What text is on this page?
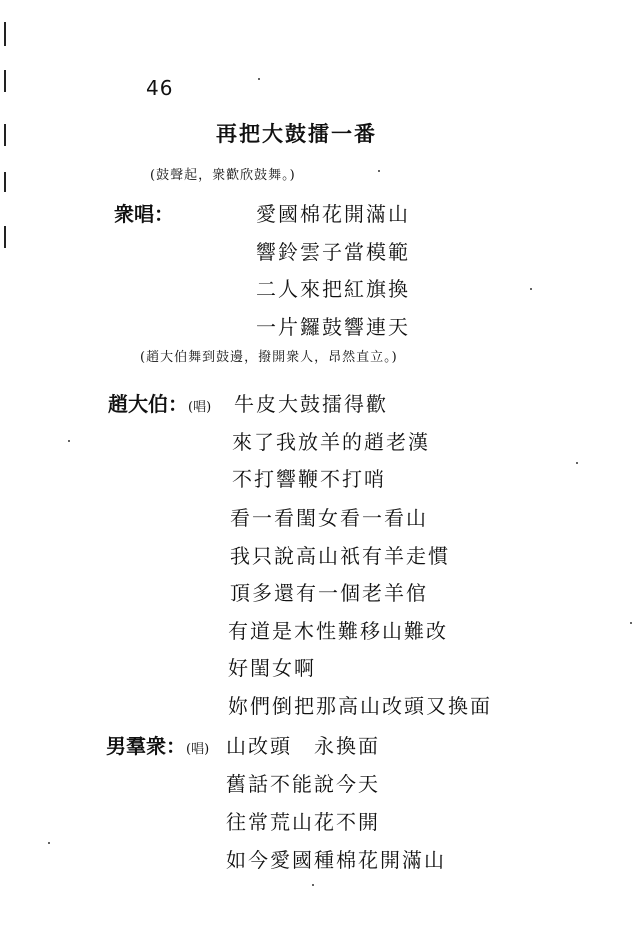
46
再把大鼓擂一番
(鼓聲起，衆歡欣鼓舞。)
衆唱：	愛國棉花開滿山
響鈴雲子當模範
二人來把紅旗換
一片鑼鼓響連天
(趙大伯舞到鼓邊，撥開衆人，昂然直立。)
趙大伯：(唱) 牛皮大鼓擂得歡
來了我放羊的趙老漢
不打響鞭不打哨
看一看閨女看一看山
我只說高山祇有羊走慣
頂多還有一個老羊倌
有道是木性難移山難改
好閨女啊
妳們倒把那高山改頭又換面
男羣衆：(唱) 山改頭　永換面
舊話不能說今天
往常荒山花不開
如今愛國種棉花開滿山
